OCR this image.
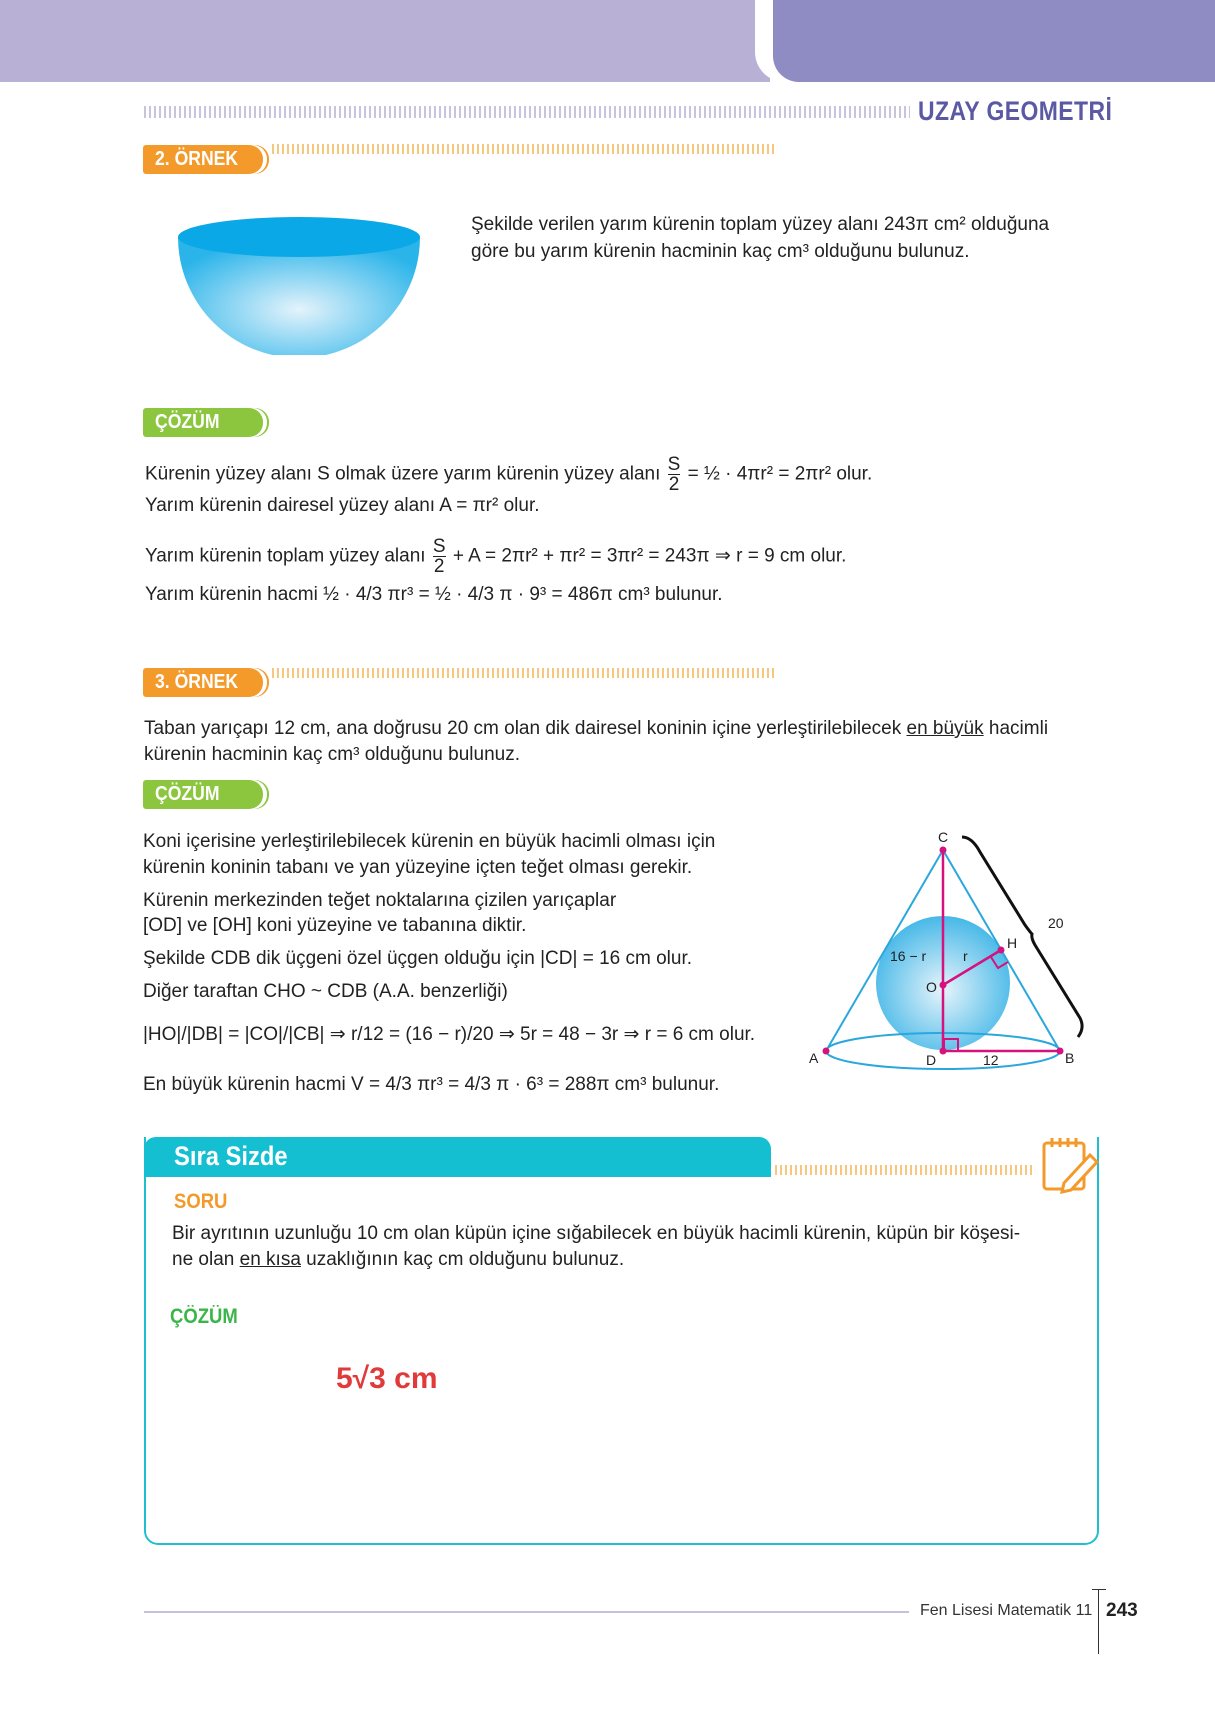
UZAY GEOMETRİ
2. ÖRNEK
Şekilde verilen yarım kürenin toplam yüzey alanı 243π cm² olduğuna
göre bu yarım kürenin hacminin kaç cm³ olduğunu bulunuz.
ÇÖZÜM
Kürenin yüzey alanı S olmak üzere yarım kürenin yüzey alanı $\frac{S}{2}$ = ½ · 4πr² = 2πr² olur.
Yarım kürenin dairesel yüzey alanı A = πr² olur.
Yarım kürenin toplam yüzey alanı $\frac{S}{2} + A = 2\pi r^2 + \pi r^2 = 3\pi r^2 = 243\pi$ ⇒ r = 9 cm olur.
Yarım kürenin hacmi ½ · 4/3 πr³ = ½ · 4/3 π · 9³ = 486π cm³ bulunur.
3. ÖRNEK
Taban yarıçapı 12 cm, ana doğrusu 20 cm olan dik dairesel koninin içine yerleştirilebilecek en büyük hacimli
kürenin hacminin kaç cm³ olduğunu bulunuz.
ÇÖZÜM
Koni içerisine yerleştirilebilecek kürenin en büyük hacimli olması için
kürenin koninin tabanı ve yan yüzeyine içten teğet olması gerekir.
Kürenin merkezinden teğet noktalarına çizilen yarıçaplar
[OD] ve [OH] koni yüzeyine ve tabanına diktir.
Şekilde CDB dik üçgeni özel üçgen olduğu için |CD| = 16 cm olur.
Diğer taraftan CHO ~ CDB (A.A. benzerliği)
|HO|/|DB| = |CO|/|CB| ⇒ r/12 = (16 − r)/20 ⇒ 5r = 48 − 3r ⇒ r = 6 cm olur.
En büyük kürenin hacmi V = 4/3 πr³ = 4/3 π · 6³ = 288π cm³ bulunur.
C
A	B
D
O
H
20
12
16 − r	r
Sıra Sizde
SORU
Bir ayrıtının uzunluğu 10 cm olan küpün içine sığabilecek en büyük hacimli kürenin, küpün bir köşesi-
ne olan en kısa uzaklığının kaç cm olduğunu bulunuz.
ÇÖZÜM
5√3 cm
Fen Lisesi Matematik 11 243
